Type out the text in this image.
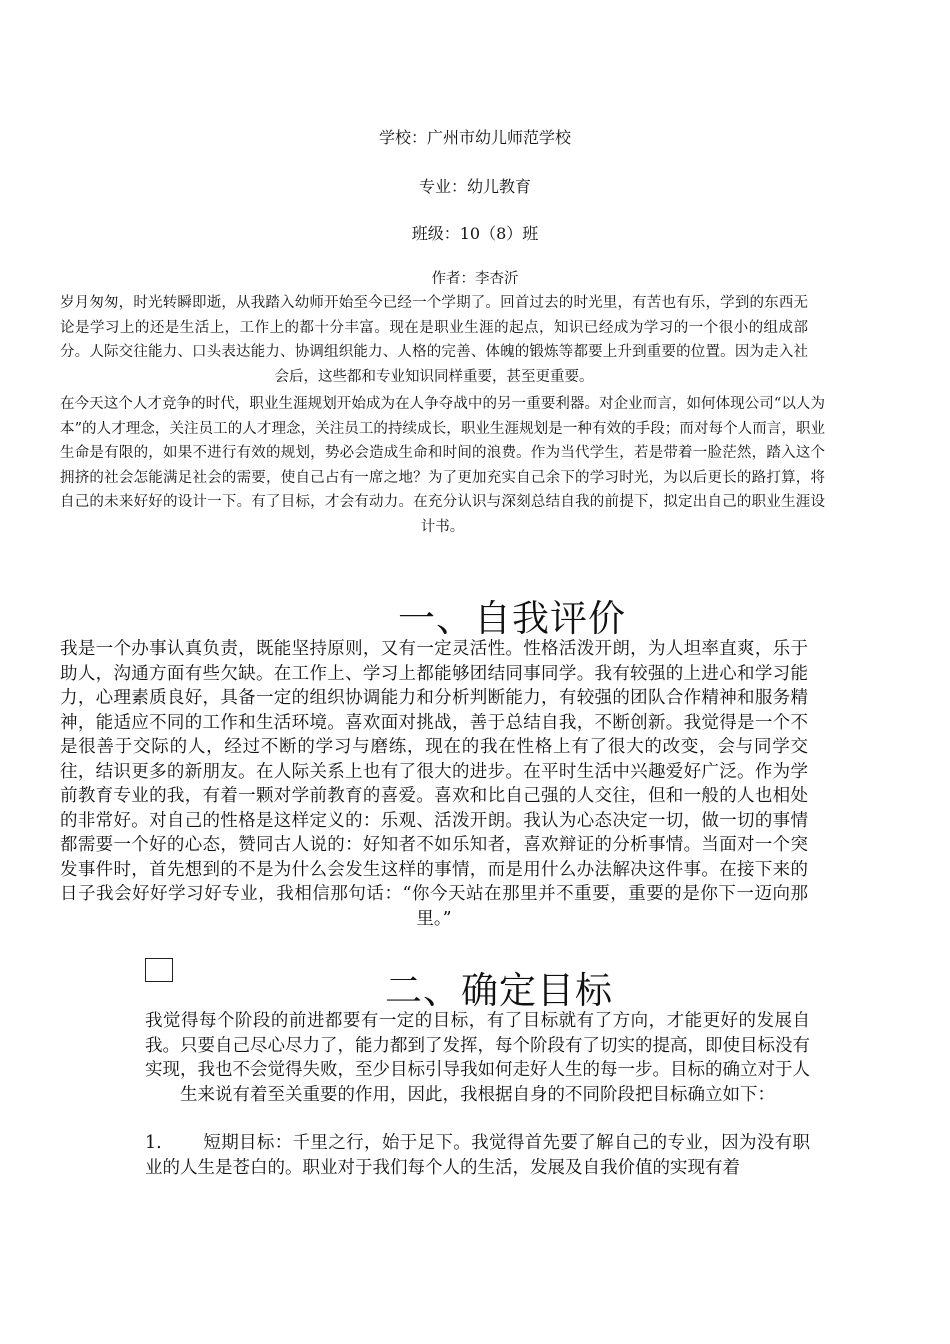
学校：广州市幼儿师范学校
专业：幼儿教育
班级：10（8）班
作者：李杏沂
岁月匆匆，时光转瞬即逝，从我踏入幼师开始至今已经一个学期了。回首过去的时光里，有苦也有乐，学到的东西无论是学习上的还是生活上，工作上的都十分丰富。现在是职业生涯的起点，知识已经成为学习的一个很小的组成部分。人际交往能力、口头表达能力、协调组织能力、人格的完善、体魄的锻炼等都要上升到重要的位置。因为走入社会后，这些都和专业知识同样重要，甚至更重要。
在今天这个人才竞争的时代，职业生涯规划开始成为在人争夺战中的另一重要利器。对企业而言，如何体现公司“以人为本”的人才理念，关注员工的人才理念，关注员工的持续成长，职业生涯规划是一种有效的手段；而对每个人而言，职业生命是有限的，如果不进行有效的规划，势必会造成生命和时间的浪费。作为当代学生，若是带着一脸茫然，踏入这个拥挤的社会怎能满足社会的需要，使自己占有一席之地？为了更加充实自己余下的学习时光，为以后更长的路打算，将自己的未来好好的设计一下。有了目标，才会有动力。在充分认识与深刻总结自我的前提下，拟定出自己的职业生涯设计书。
一、自我评价
我是一个办事认真负责，既能坚持原则，又有一定灵活性。性格活泼开朗，为人坦率直爽，乐于助人，沟通方面有些欠缺。在工作上、学习上都能够团结同事同学。我有较强的上进心和学习能力，心理素质良好，具备一定的组织协调能力和分析判断能力，有较强的团队合作精神和服务精神，能适应不同的工作和生活环境。喜欢面对挑战，善于总结自我，不断创新。我觉得是一个不是很善于交际的人，经过不断的学习与磨练，现在的我在性格上有了很大的改变，会与同学交往，结识更多的新朋友。在人际关系上也有了很大的进步。在平时生活中兴趣爱好广泛。作为学前教育专业的我，有着一颗对学前教育的喜爱。喜欢和比自己强的人交往，但和一般的人也相处的非常好。对自己的性格是这样定义的：乐观、活泼开朗。我认为心态决定一切，做一切的事情都需要一个好的心态，赞同古人说的：好知者不如乐知者，喜欢辩证的分析事情。当面对一个突发事件时，首先想到的不是为什么会发生这样的事情，而是用什么办法解决这件事。在接下来的日子我会好好学习好专业，我相信那句话：“你今天站在那里并不重要，重要的是你下一迈向那里。”
二、确定目标
我觉得每个阶段的前进都要有一定的目标，有了目标就有了方向，才能更好的发展自我。只要自己尽心尽力了，能力都到了发挥，每个阶段有了切实的提高，即使目标没有实现，我也不会觉得失败，至少目标引导我如何走好人生的每一步。目标的确立对于人生来说有着至关重要的作用，因此，我根据自身的不同阶段把目标确立如下：
1. 短期目标：千里之行，始于足下。我觉得首先要了解自己的专业，因为没有职业的人生是苍白的。职业对于我们每个人的生活，发展及自我价值的实现有着
